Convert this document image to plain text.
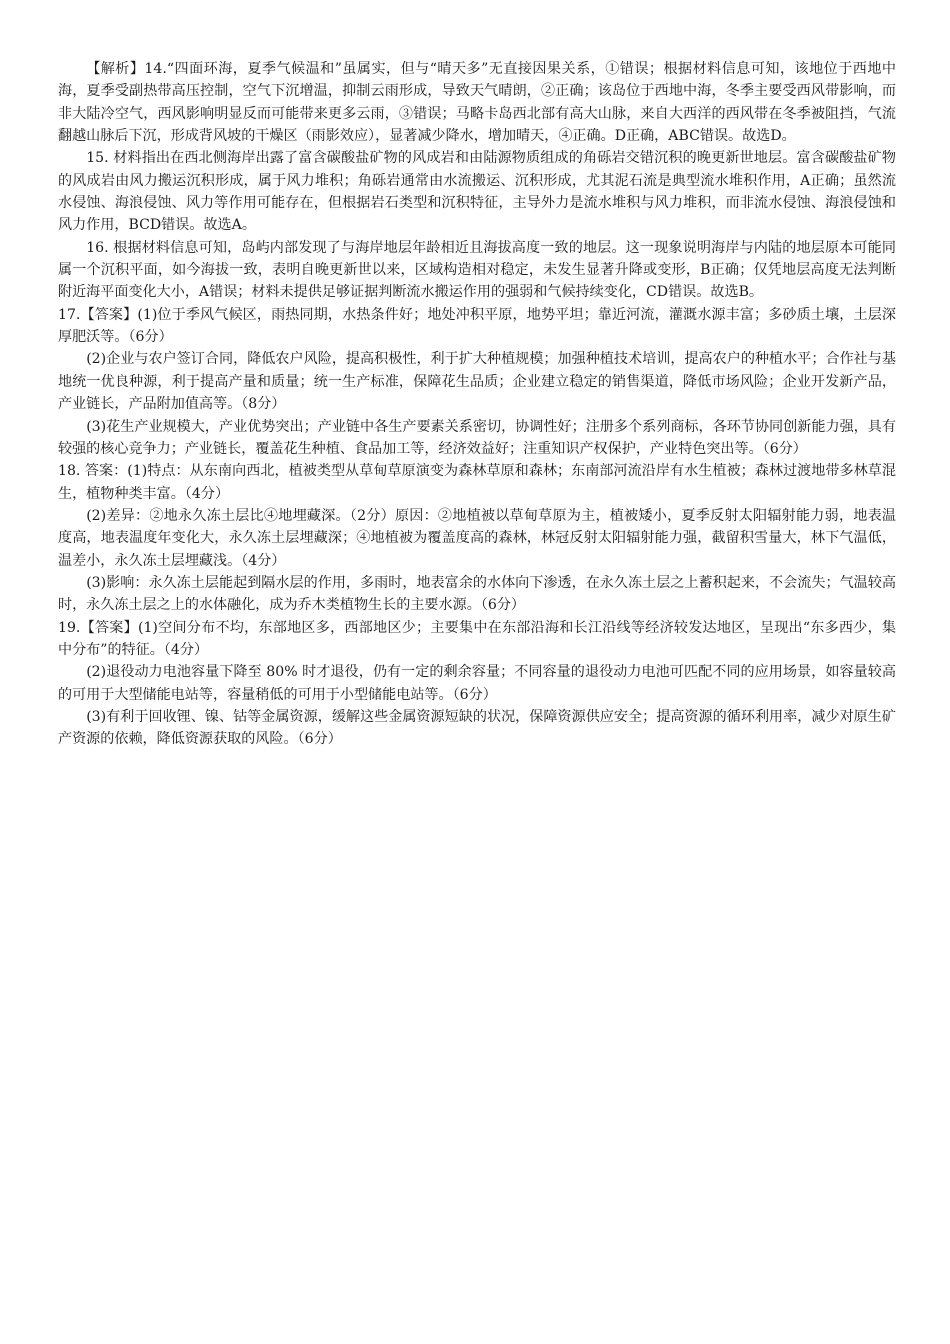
【解析】14.“四面环海，夏季气候温和”虽属实，但与“晴天多”无直接因果关系，①错误；根据材料信息可知，该地位于西地中海，夏季受副热带高压控制，空气下沉增温，抑制云雨形成，导致天气晴朗，②正确；该岛位于西地中海，冬季主要受西风带影响，而非大陆冷空气，西风影响明显反而可能带来更多云雨，③错误；马略卡岛西北部有高大山脉，来自大西洋的西风带在冬季被阻挡，气流翻越山脉后下沉，形成背风坡的干燥区（雨影效应），显著减少降水，增加晴天，④正确。D正确，ABC错误。故选D。

15. 材料指出在西北侧海岸出露了富含碳酸盐矿物的风成岩和由陆源物质组成的角砾岩交错沉积的晚更新世地层。富含碳酸盐矿物的风成岩由风力搬运沉积形成，属于风力堆积；角砾岩通常由水流搬运、沉积形成，尤其泥石流是典型流水堆积作用，A正确；虽然流水侵蚀、海浪侵蚀、风力等作用可能存在，但根据岩石类型和沉积特征，主导外力是流水堆积与风力堆积，而非流水侵蚀、海浪侵蚀和风力作用，BCD错误。故选A。

16. 根据材料信息可知，岛屿内部发现了与海岸地层年龄相近且海拔高度一致的地层。这一现象说明海岸与内陆的地层原本可能同属一个沉积平面，如今海拔一致，表明自晚更新世以来，区域构造相对稳定，未发生显著升降或变形，B正确；仅凭地层高度无法判断附近海平面变化大小，A错误；材料未提供足够证据判断流水搬运作用的强弱和气候持续变化，CD错误。故选B。

17.【答案】(1)位于季风气候区，雨热同期，水热条件好；地处冲积平原，地势平坦；靠近河流，灌溉水源丰富；多砂质土壤，土层深厚肥沃等。（6分）

(2)企业与农户签订合同，降低农户风险，提高积极性，利于扩大种植规模；加强种植技术培训，提高农户的种植水平；合作社与基地统一优良种源，利于提高产量和质量；统一生产标准，保障花生品质；企业建立稳定的销售渠道，降低市场风险；企业开发新产品，产业链长，产品附加值高等。（8分）

(3)花生产业规模大，产业优势突出；产业链中各生产要素关系密切，协调性好；注册多个系列商标，各环节协同创新能力强，具有较强的核心竞争力；产业链长，覆盖花生种植、食品加工等，经济效益好；注重知识产权保护，产业特色突出等。（6分）

18. 答案：(1)特点：从东南向西北，植被类型从草甸草原演变为森林草原和森林；东南部河流沿岸有水生植被；森林过渡地带多林草混生，植物种类丰富。（4分）

(2)差异：②地永久冻土层比④地埋藏深。（2分）原因：②地植被以草甸草原为主，植被矮小，夏季反射太阳辐射能力弱，地表温度高，地表温度年变化大，永久冻土层埋藏深；④地植被为覆盖度高的森林，林冠反射太阳辐射能力强，截留积雪量大，林下气温低，温差小，永久冻土层埋藏浅。（4分）

(3)影响：永久冻土层能起到隔水层的作用，多雨时，地表富余的水体向下渗透，在永久冻土层之上蓄积起来，不会流失；气温较高时，永久冻土层之上的水体融化，成为乔木类植物生长的主要水源。（6分）

19.【答案】(1)空间分布不均，东部地区多，西部地区少；主要集中在东部沿海和长江沿线等经济较发达地区，呈现出“东多西少，集中分布”的特征。（4分）

(2)退役动力电池容量下降至 80% 时才退役，仍有一定的剩余容量；不同容量的退役动力电池可匹配不同的应用场景，如容量较高的可用于大型储能电站等，容量稍低的可用于小型储能电站等。（6分）

(3)有利于回收锂、镍、钴等金属资源，缓解这些金属资源短缺的状况，保障资源供应安全；提高资源的循环利用率，减少对原生矿产资源的依赖，降低资源获取的风险。（6分）
